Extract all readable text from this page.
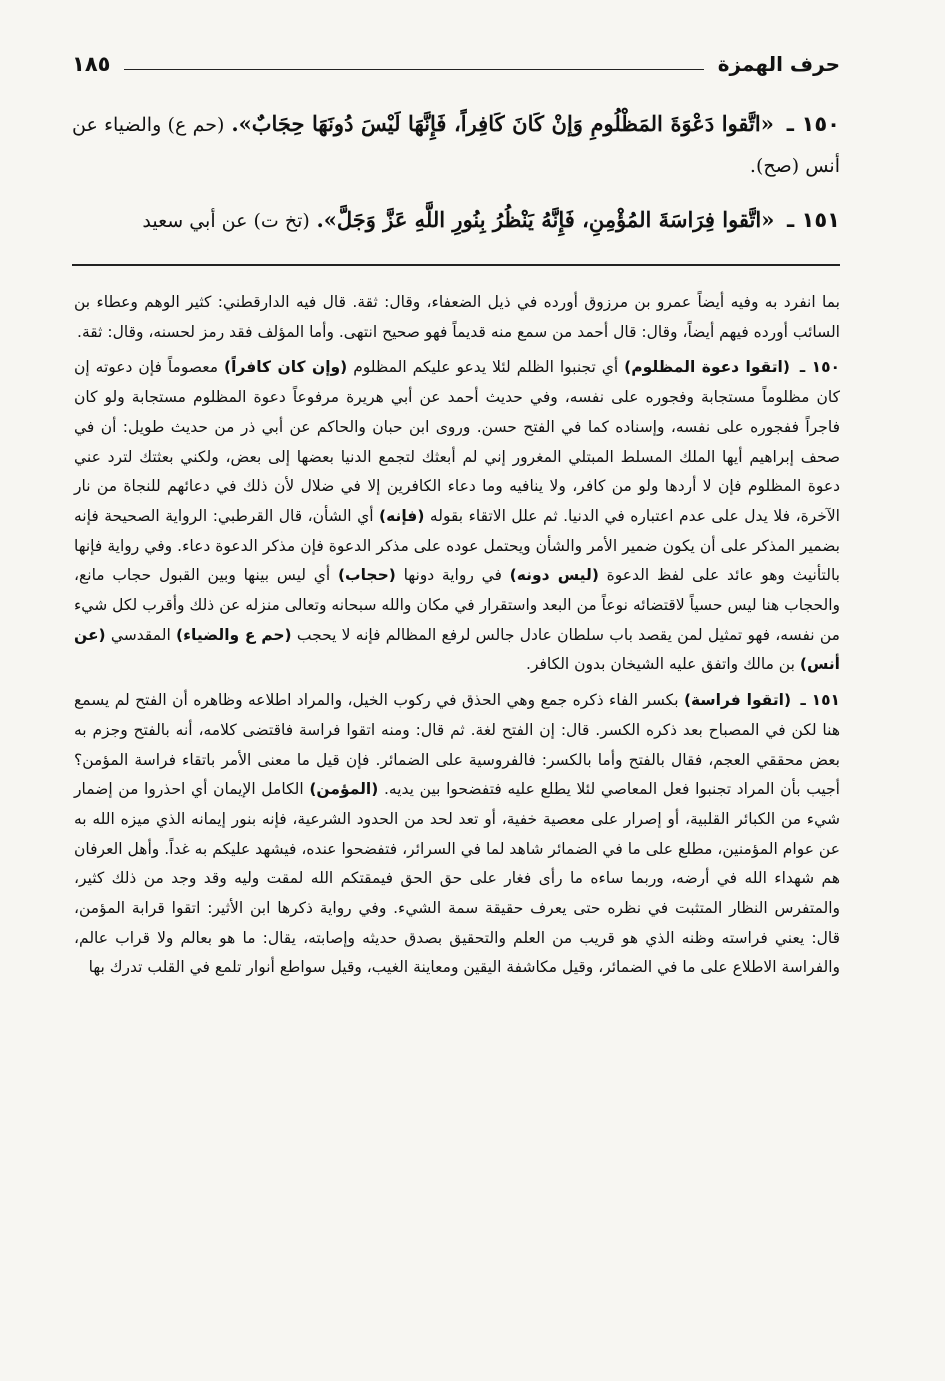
حرف الهمزة
١٨٥

١٥٠ ـ «اتَّقوا دَعْوَةَ المَظْلُومِ وَإنْ كَانَ كَافِراً، فَإِنَّهَا لَيْسَ دُونَهَا حِجَابٌ». (حم ع) والضياء عن أنس (صح).

١٥١ ـ «اتَّقوا فِرَاسَةَ المُؤْمِنِ، فَإِنَّهُ يَنْظُرُ بِنُورِ اللَّهِ عَزَّ وَجَلَّ». (تخ ت) عن أبي سعيد

بما انفرد به وفيه أيضاً عمرو بن مرزوق أورده في ذيل الضعفاء، وقال: ثقة. قال فيه الدارقطني: كثير الوهم وعطاء بن السائب أورده فيهم أيضاً، وقال: قال أحمد من سمع منه قديماً فهو صحيح انتهى. وأما المؤلف فقد رمز لحسنه، وقال: ثقة.

١٥٠ ـ (اتقوا دعوة المظلوم) أي تجنبوا الظلم لئلا يدعو عليكم المظلوم (وإن كان كافراً) معصوماً فإن دعوته إن كان مظلوماً مستجابة وفجوره على نفسه، وفي حديث أحمد عن أبي هريرة مرفوعاً دعوة المظلوم مستجابة ولو كان فاجراً ففجوره على نفسه، وإسناده كما في الفتح حسن. وروى ابن حبان والحاكم عن أبي ذر من حديث طويل: أن في صحف إبراهيم أيها الملك المسلط المبتلي المغرور إني لم أبعثك لتجمع الدنيا بعضها إلى بعض، ولكني بعثتك لترد عني دعوة المظلوم فإن لا أردها ولو من كافر، ولا ينافيه وما دعاء الكافرين إلا في ضلال لأن ذلك في دعائهم للنجاة من نار الآخرة، فلا يدل على عدم اعتباره في الدنيا. ثم علل الاتقاء بقوله (فإنه) أي الشأن، قال القرطبي: الرواية الصحيحة فإنه بضمير المذكر على أن يكون ضمير الأمر والشأن ويحتمل عوده على مذكر الدعوة فإن مذكر الدعوة دعاء. وفي رواية فإنها بالتأنيث وهو عائد على لفظ الدعوة (ليس دونه) في رواية دونها (حجاب) أي ليس بينها وبين القبول حجاب مانع، والحجاب هنا ليس حسياً لاقتضائه نوعاً من البعد واستقرار في مكان والله سبحانه وتعالى منزله عن ذلك وأقرب لكل شيء من نفسه، فهو تمثيل لمن يقصد باب سلطان عادل جالس لرفع المظالم فإنه لا يحجب (حم ع والضياء) المقدسي (عن أنس) بن مالك واتفق عليه الشيخان بدون الكافر.

١٥١ ـ (اتقوا فراسة) بكسر الفاء ذكره جمع وهي الحذق في ركوب الخيل، والمراد اطلاعه وظاهره أن الفتح لم يسمع هنا لكن في المصباح بعد ذكره الكسر. قال: إن الفتح لغة. ثم قال: ومنه اتقوا فراسة فاقتضى كلامه، أنه بالفتح وجزم به بعض محققي العجم، فقال بالفتح وأما بالكسر: فالفروسية على الضمائر. فإن قيل ما معنى الأمر باتقاء فراسة المؤمن؟ أجيب بأن المراد تجنبوا فعل المعاصي لئلا يطلع عليه فتفضحوا بين يديه. (المؤمن) الكامل الإيمان أي احذروا من إضمار شيء من الكبائر القلبية، أو إصرار على معصية خفية، أو تعد لحد من الحدود الشرعية، فإنه بنور إيمانه الذي ميزه الله به عن عوام المؤمنين، مطلع على ما في الضمائر شاهد لما في السرائر، فتفضحوا عنده، فيشهد عليكم به غداً. وأهل العرفان هم شهداء الله في أرضه، وربما ساءه ما رأى فغار على حق الحق فيمقتكم الله لمقت وليه وقد وجد من ذلك كثير، والمتفرس النظار المتثبت في نظره حتى يعرف حقيقة سمة الشيء. وفي رواية ذكرها ابن الأثير: اتقوا قرابة المؤمن، قال: يعني فراسته وظنه الذي هو قريب من العلم والتحقيق بصدق حديثه وإصابته، يقال: ما هو بعالم ولا قراب عالم، والفراسة الاطلاع على ما في الضمائر، وقيل مكاشفة اليقين ومعاينة الغيب، وقيل سواطع أنوار تلمع في القلب تدرك بها
